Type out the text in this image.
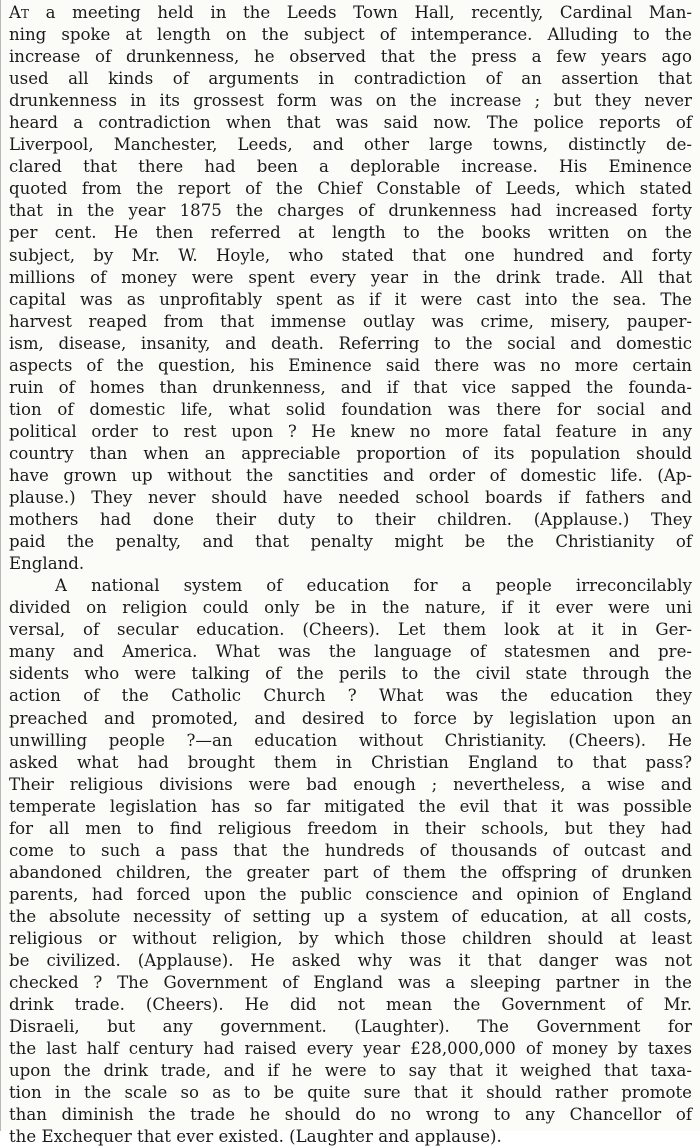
At a meeting held in the Leeds Town Hall, recently, Cardinal Man-
ning spoke at length on the subject of intemperance. Alluding to the
increase of drunkenness, he observed that the press a few years ago
used all kinds of arguments in contradiction of an assertion that
drunkenness in its grossest form was on the increase ; but they never
heard a contradiction when that was said now. The police reports of
Liverpool, Manchester, Leeds, and other large towns, distinctly de-
clared that there had been a deplorable increase. His Eminence
quoted from the report of the Chief Constable of Leeds, which stated
that in the year 1875 the charges of drunkenness had increased forty
per cent. He then referred at length to the books written on the
subject, by Mr. W. Hoyle, who stated that one hundred and forty
millions of money were spent every year in the drink trade. All that
capital was as unprofitably spent as if it were cast into the sea. The
harvest reaped from that immense outlay was crime, misery, pauper-
ism, disease, insanity, and death. Referring to the social and domestic
aspects of the question, his Eminence said there was no more certain
ruin of homes than drunkenness, and if that vice sapped the founda-
tion of domestic life, what solid foundation was there for social and
political order to rest upon ? He knew no more fatal feature in any
country than when an appreciable proportion of its population should
have grown up without the sanctities and order of domestic life. (Ap-
plause.) They never should have needed school boards if fathers and
mothers had done their duty to their children. (Applause.) They
paid the penalty, and that penalty might be the Christianity of
England.
A national system of education for a people irreconcilably
divided on religion could only be in the nature, if it ever were uni
versal, of secular education. (Cheers). Let them look at it in Ger-
many and America. What was the language of statesmen and pre-
sidents who were talking of the perils to the civil state through the
action of the Catholic Church ? What was the education they
preached and promoted, and desired to force by legislation upon an
unwilling people ?—an education without Christianity. (Cheers). He
asked what had brought them in Christian England to that pass?
Their religious divisions were bad enough ; nevertheless, a wise and
temperate legislation has so far mitigated the evil that it was possible
for all men to find religious freedom in their schools, but they had
come to such a pass that the hundreds of thousands of outcast and
abandoned children, the greater part of them the offspring of drunken
parents, had forced upon the public conscience and opinion of England
the absolute necessity of setting up a system of education, at all costs,
religious or without religion, by which those children should at least
be civilized. (Applause). He asked why was it that danger was not
checked ? The Government of England was a sleeping partner in the
drink trade. (Cheers). He did not mean the Government of Mr.
Disraeli, but any government. (Laughter). The Government for
the last half century had raised every year £28,000,000 of money by taxes
upon the drink trade, and if he were to say that it weighed that taxa-
tion in the scale so as to be quite sure that it should rather promote
than diminish the trade he should do no wrong to any Chancellor of
the Exchequer that ever existed. (Laughter and applause).
